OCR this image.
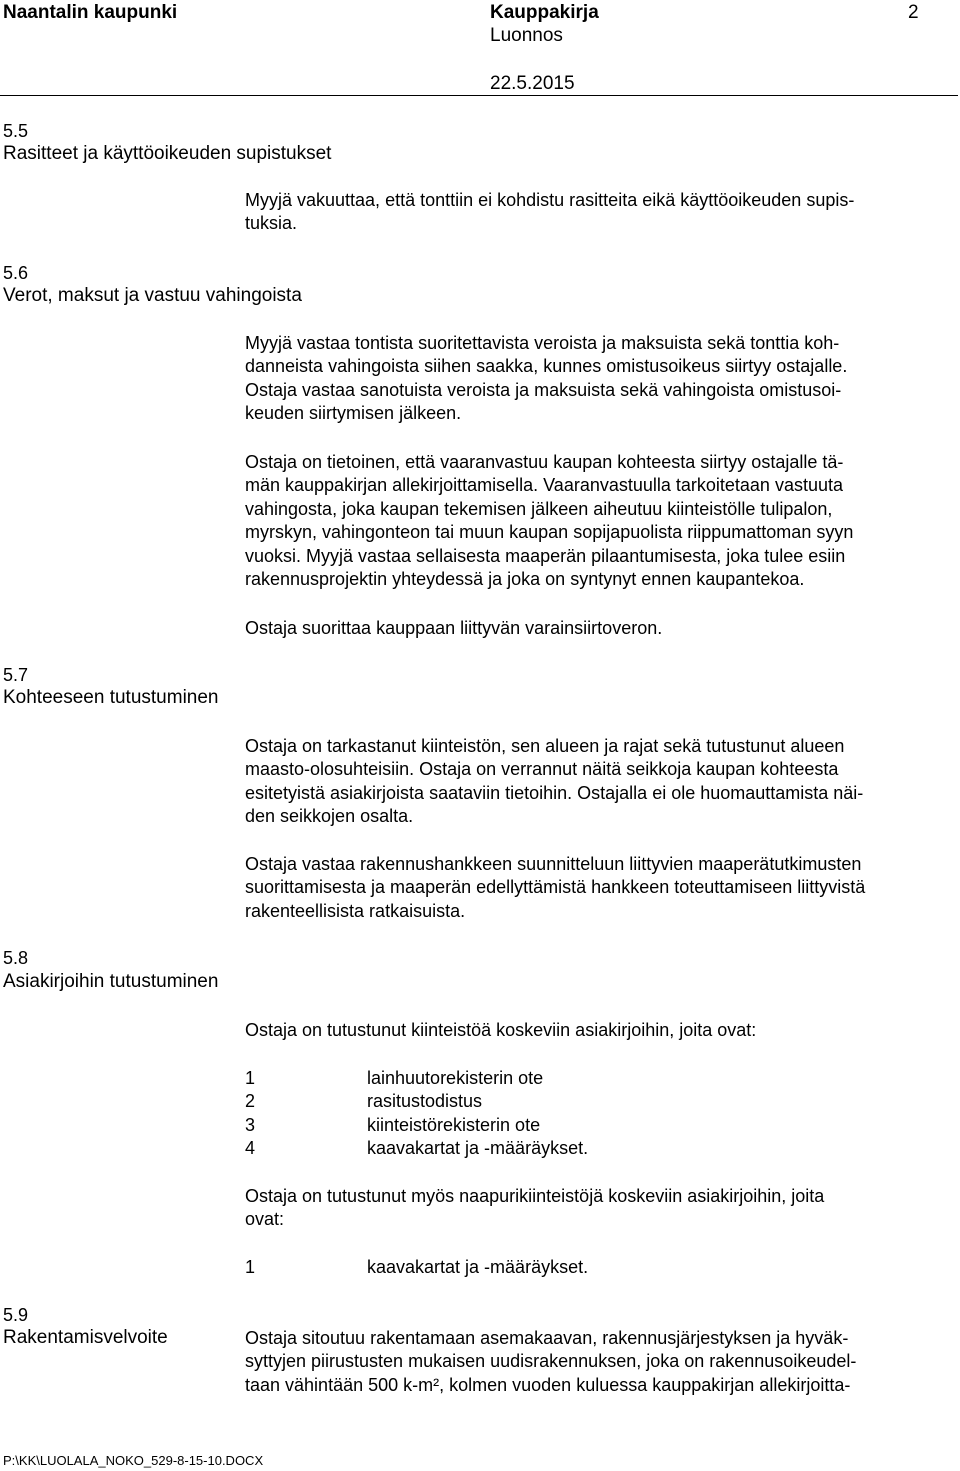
Naantalin kaupunki	Kauppakirja	2
Luonnos
22.5.2015
5.5
Rasitteet ja käyttöoikeuden supistukset
5.6
Verot, maksut ja vastuu vahingoista
5.7
Kohteeseen tutustuminen
5.8
Asiakirjoihin tutustuminen
5.9
Rakentamisvelvoite
Myyjä vakuuttaa, että tonttiin ei kohdistu rasitteita eikä käyttöoikeuden supis-
tuksia.
Myyjä vastaa tontista suoritettavista veroista ja maksuista sekä tonttia koh-
danneista vahingoista siihen saakka, kunnes omistusoikeus siirtyy ostajalle.
Ostaja vastaa sanotuista veroista ja maksuista sekä vahingoista omistusoi-
keuden siirtymisen jälkeen.
Ostaja on tietoinen, että vaaranvastuu kaupan kohteesta siirtyy ostajalle tä-
män kauppakirjan allekirjoittamisella. Vaaranvastuulla tarkoitetaan vastuuta
vahingosta, joka kaupan tekemisen jälkeen aiheutuu kiinteistölle tulipalon,
myrskyn, vahingonteon tai muun kaupan sopijapuolista riippumattoman syyn
vuoksi. Myyjä vastaa sellaisesta maaperän pilaantumisesta, joka tulee esiin
rakennusprojektin yhteydessä ja joka on syntynyt ennen kaupantekoa.
Ostaja suorittaa kauppaan liittyvän varainsiirtoveron.
Ostaja on tarkastanut kiinteistön, sen alueen ja rajat sekä tutustunut alueen
maasto-olosuhteisiin. Ostaja on verrannut näitä seikkoja kaupan kohteesta
esitetyistä asiakirjoista saataviin tietoihin. Ostajalla ei ole huomauttamista näi-
den seikkojen osalta.
Ostaja vastaa rakennushankkeen suunnitteluun liittyvien maaperätutkimusten
suorittamisesta ja maaperän edellyttämistä hankkeen toteuttamiseen liittyvistä
rakenteellisista ratkaisuista.
Ostaja on tutustunut kiinteistöä koskeviin asiakirjoihin, joita ovat:
1	lainhuutorekisterin ote
2	rasitustodistus
3	kiinteistörekisterin ote
4	kaavakartat ja -määräykset.
Ostaja on tutustunut myös naapurikiinteistöjä koskeviin asiakirjoihin, joita
ovat:
1	kaavakartat ja -määräykset.
Ostaja sitoutuu rakentamaan asemakaavan, rakennusjärjestyksen ja hyväk-
syttyjen piirustusten mukaisen uudisrakennuksen, joka on rakennusoikeudel-
taan vähintään 500 k-m², kolmen vuoden kuluessa kauppakirjan allekirjoitta-
P:\KK\LUOLALA_NOKO_529-8-15-10.DOCX
